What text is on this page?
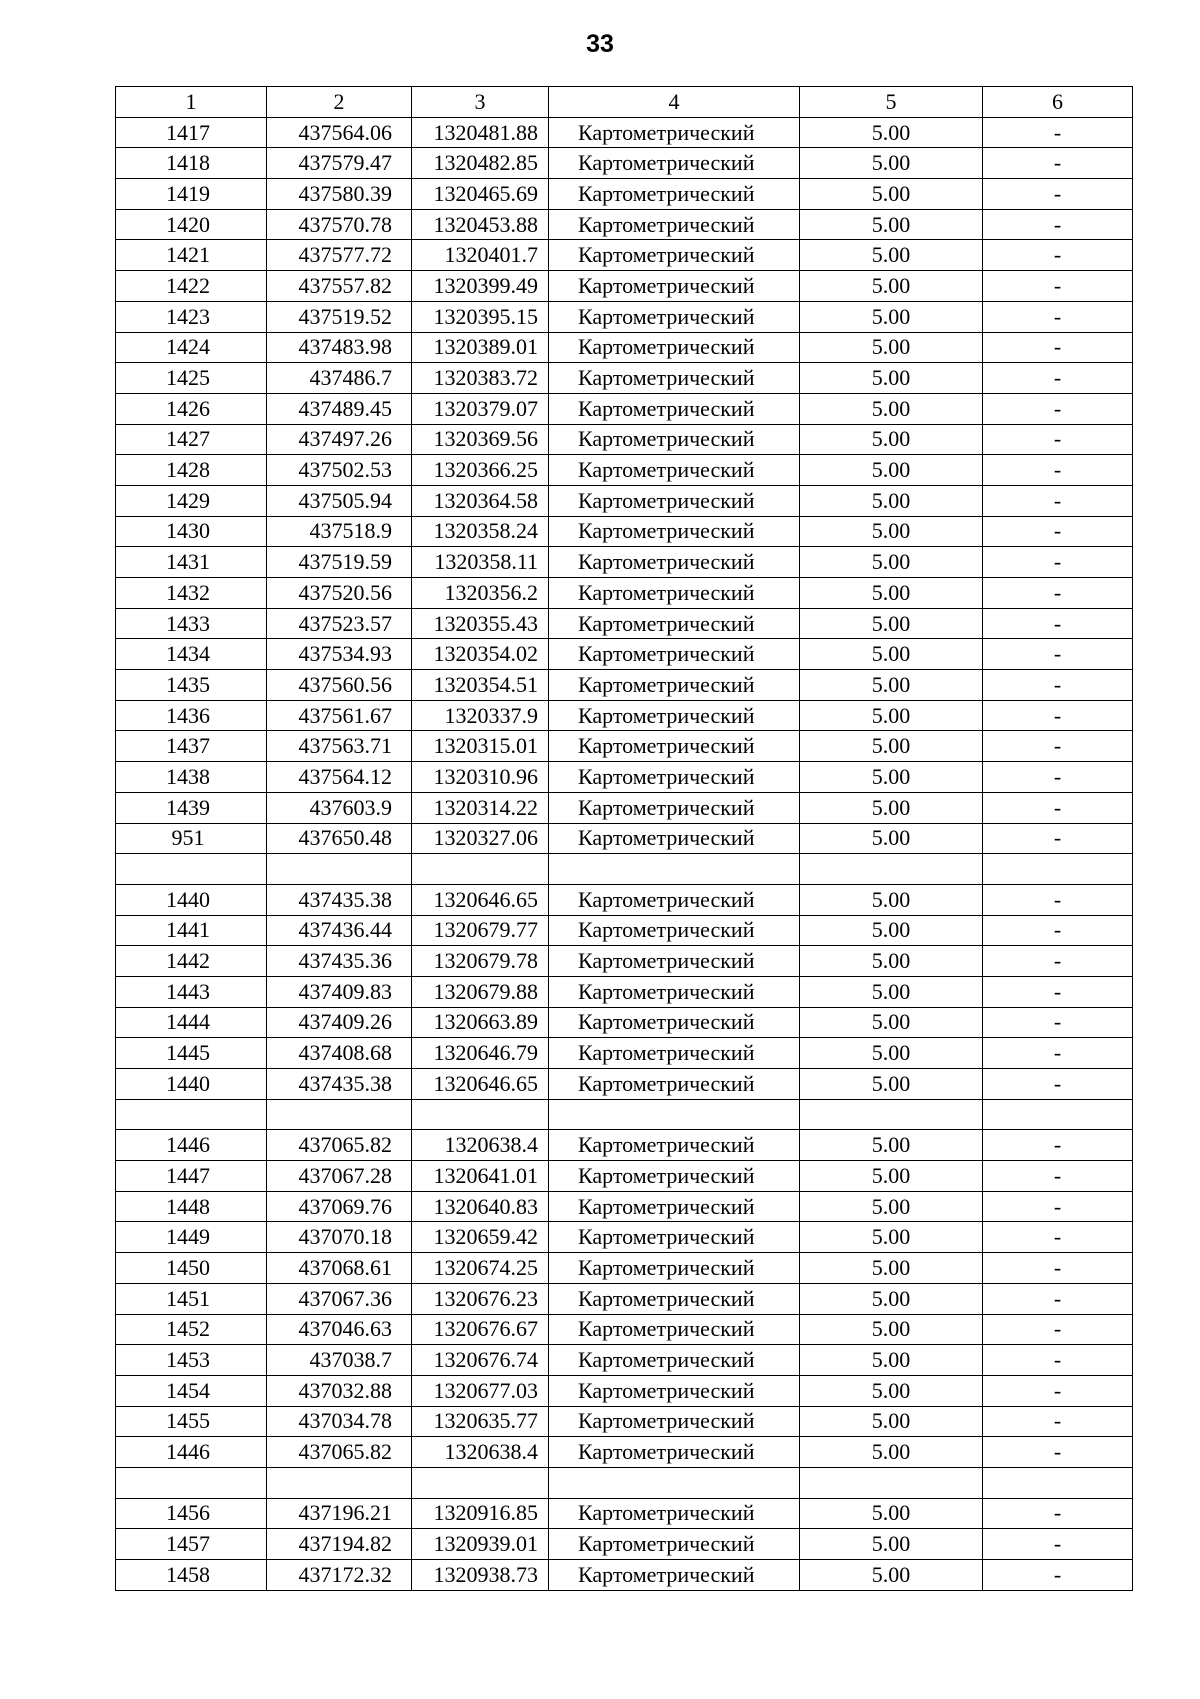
33
1	2	3	4	5	6
1417	437564.06	1320481.88	Картометрический	5.00	-
1418	437579.47	1320482.85	Картометрический	5.00	-
1419	437580.39	1320465.69	Картометрический	5.00	-
1420	437570.78	1320453.88	Картометрический	5.00	-
1421	437577.72	1320401.7	Картометрический	5.00	-
1422	437557.82	1320399.49	Картометрический	5.00	-
1423	437519.52	1320395.15	Картометрический	5.00	-
1424	437483.98	1320389.01	Картометрический	5.00	-
1425	437486.7	1320383.72	Картометрический	5.00	-
1426	437489.45	1320379.07	Картометрический	5.00	-
1427	437497.26	1320369.56	Картометрический	5.00	-
1428	437502.53	1320366.25	Картометрический	5.00	-
1429	437505.94	1320364.58	Картометрический	5.00	-
1430	437518.9	1320358.24	Картометрический	5.00	-
1431	437519.59	1320358.11	Картометрический	5.00	-
1432	437520.56	1320356.2	Картометрический	5.00	-
1433	437523.57	1320355.43	Картометрический	5.00	-
1434	437534.93	1320354.02	Картометрический	5.00	-
1435	437560.56	1320354.51	Картометрический	5.00	-
1436	437561.67	1320337.9	Картометрический	5.00	-
1437	437563.71	1320315.01	Картометрический	5.00	-
1438	437564.12	1320310.96	Картометрический	5.00	-
1439	437603.9	1320314.22	Картометрический	5.00	-
951	437650.48	1320327.06	Картометрический	5.00	-

1440	437435.38	1320646.65	Картометрический	5.00	-
1441	437436.44	1320679.77	Картометрический	5.00	-
1442	437435.36	1320679.78	Картометрический	5.00	-
1443	437409.83	1320679.88	Картометрический	5.00	-
1444	437409.26	1320663.89	Картометрический	5.00	-
1445	437408.68	1320646.79	Картометрический	5.00	-
1440	437435.38	1320646.65	Картометрический	5.00	-

1446	437065.82	1320638.4	Картометрический	5.00	-
1447	437067.28	1320641.01	Картометрический	5.00	-
1448	437069.76	1320640.83	Картометрический	5.00	-
1449	437070.18	1320659.42	Картометрический	5.00	-
1450	437068.61	1320674.25	Картометрический	5.00	-
1451	437067.36	1320676.23	Картометрический	5.00	-
1452	437046.63	1320676.67	Картометрический	5.00	-
1453	437038.7	1320676.74	Картометрический	5.00	-
1454	437032.88	1320677.03	Картометрический	5.00	-
1455	437034.78	1320635.77	Картометрический	5.00	-
1446	437065.82	1320638.4	Картометрический	5.00	-

1456	437196.21	1320916.85	Картометрический	5.00	-
1457	437194.82	1320939.01	Картометрический	5.00	-
1458	437172.32	1320938.73	Картометрический	5.00	-
